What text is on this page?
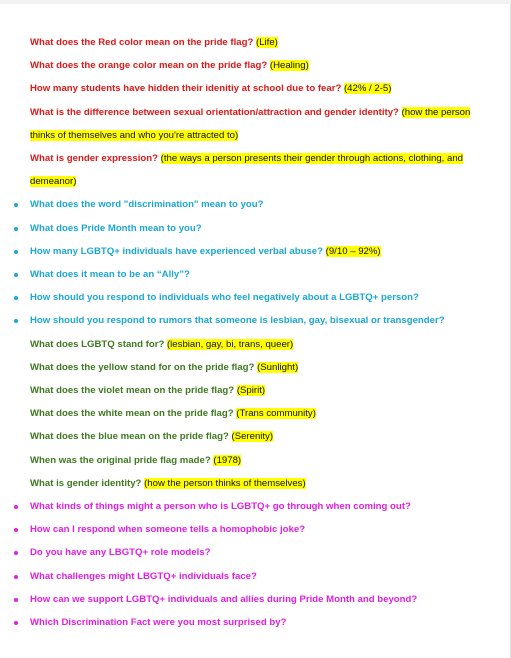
What does the Red color mean on the pride flag? (Life)
What does the orange color mean on the pride flag? (Healing)
How many students have hidden their idenitiy at school due to fear? (42% / 2-5)
What is the difference between sexual orientation/attraction and gender identity? (how the person thinks of themselves and who you're attracted to)
What is gender expression? (the ways a person presents their gender through actions, clothing, and demeanor)
What does the word "discrimination" mean to you?
What does Pride Month mean to you?
How many LGBTQ+ individuals have experienced verbal abuse? (9/10 – 92%)
What does it mean to be an “Ally”?
How should you respond to individuals who feel negatively about a LGBTQ+ person?
How should you respond to rumors that someone is lesbian, gay, bisexual or transgender?
What does LGBTQ stand for? (lesbian, gay, bi, trans, queer)
What does the yellow stand for on the pride flag? (Sunlight)
What does the violet mean on the pride flag? (Spirit)
What does the white mean on the pride flag? (Trans community)
What does the blue mean on the pride flag? (Serenity)
When was the original pride flag made? (1978)
What is gender identity? (how the person thinks of themselves)
What kinds of things might a person who is LGBTQ+ go through when coming out?
How can I respond when someone tells a homophobic joke?
Do you have any LBGTQ+ role models?
What challenges might LBGTQ+ individuals face?
How can we support LGBTQ+ individuals and allies during Pride Month and beyond?
Which Discrimination Fact were you most surprised by?
